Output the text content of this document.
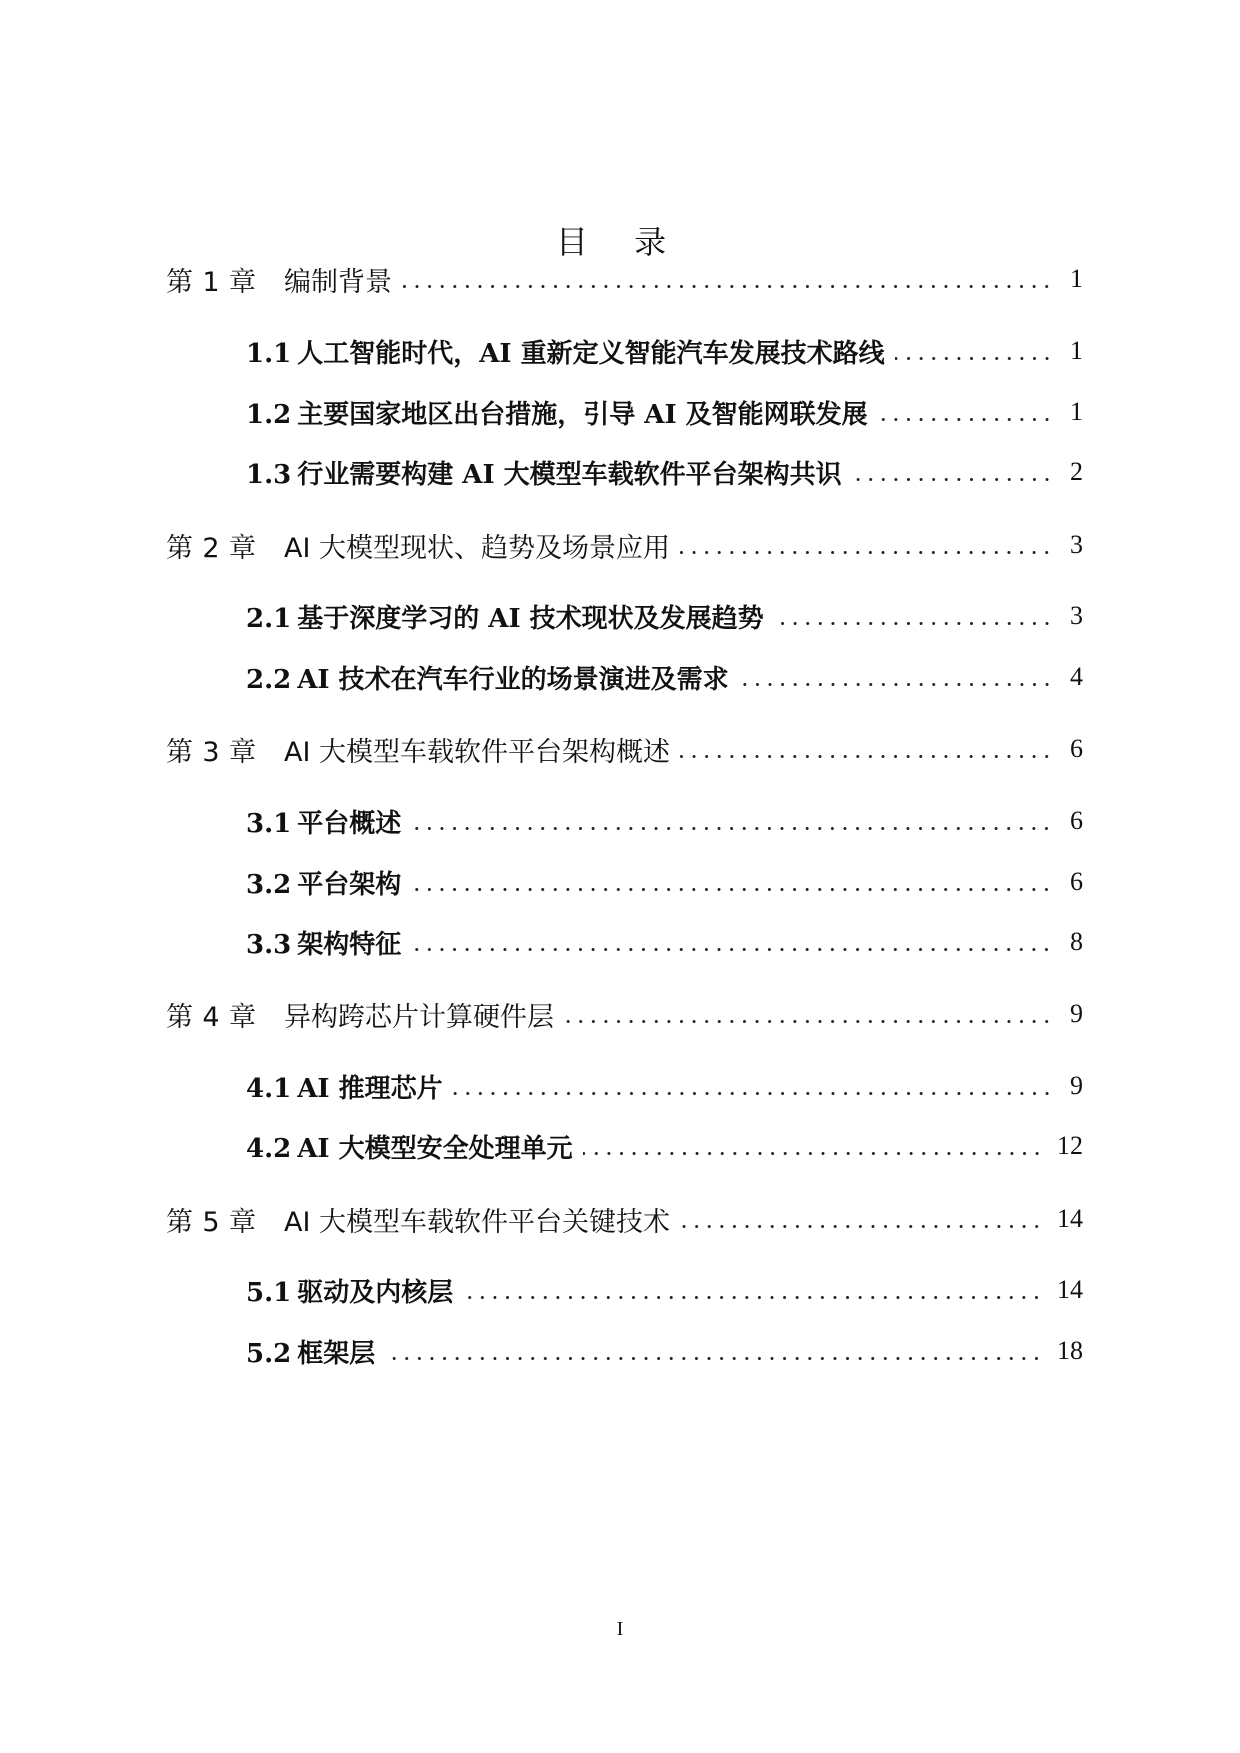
目 录
第 1 章 编制背景	1
1.1 人工智能时代，AI 重新定义智能汽车发展技术路线	1
1.2 主要国家地区出台措施，引导 AI 及智能网联发展	1
1.3 行业需要构建 AI 大模型车载软件平台架构共识	2
第 2 章 AI 大模型现状、趋势及场景应用	3
2.1 基于深度学习的 AI 技术现状及发展趋势	3
2.2 AI 技术在汽车行业的场景演进及需求	4
第 3 章 AI 大模型车载软件平台架构概述	6
3.1 平台概述	6
3.2 平台架构	6
3.3 架构特征	8
第 4 章 异构跨芯片计算硬件层	9
4.1 AI 推理芯片	9
4.2 AI 大模型安全处理单元	12
第 5 章 AI 大模型车载软件平台关键技术	14
5.1 驱动及内核层	14
5.2 框架层	18
I
